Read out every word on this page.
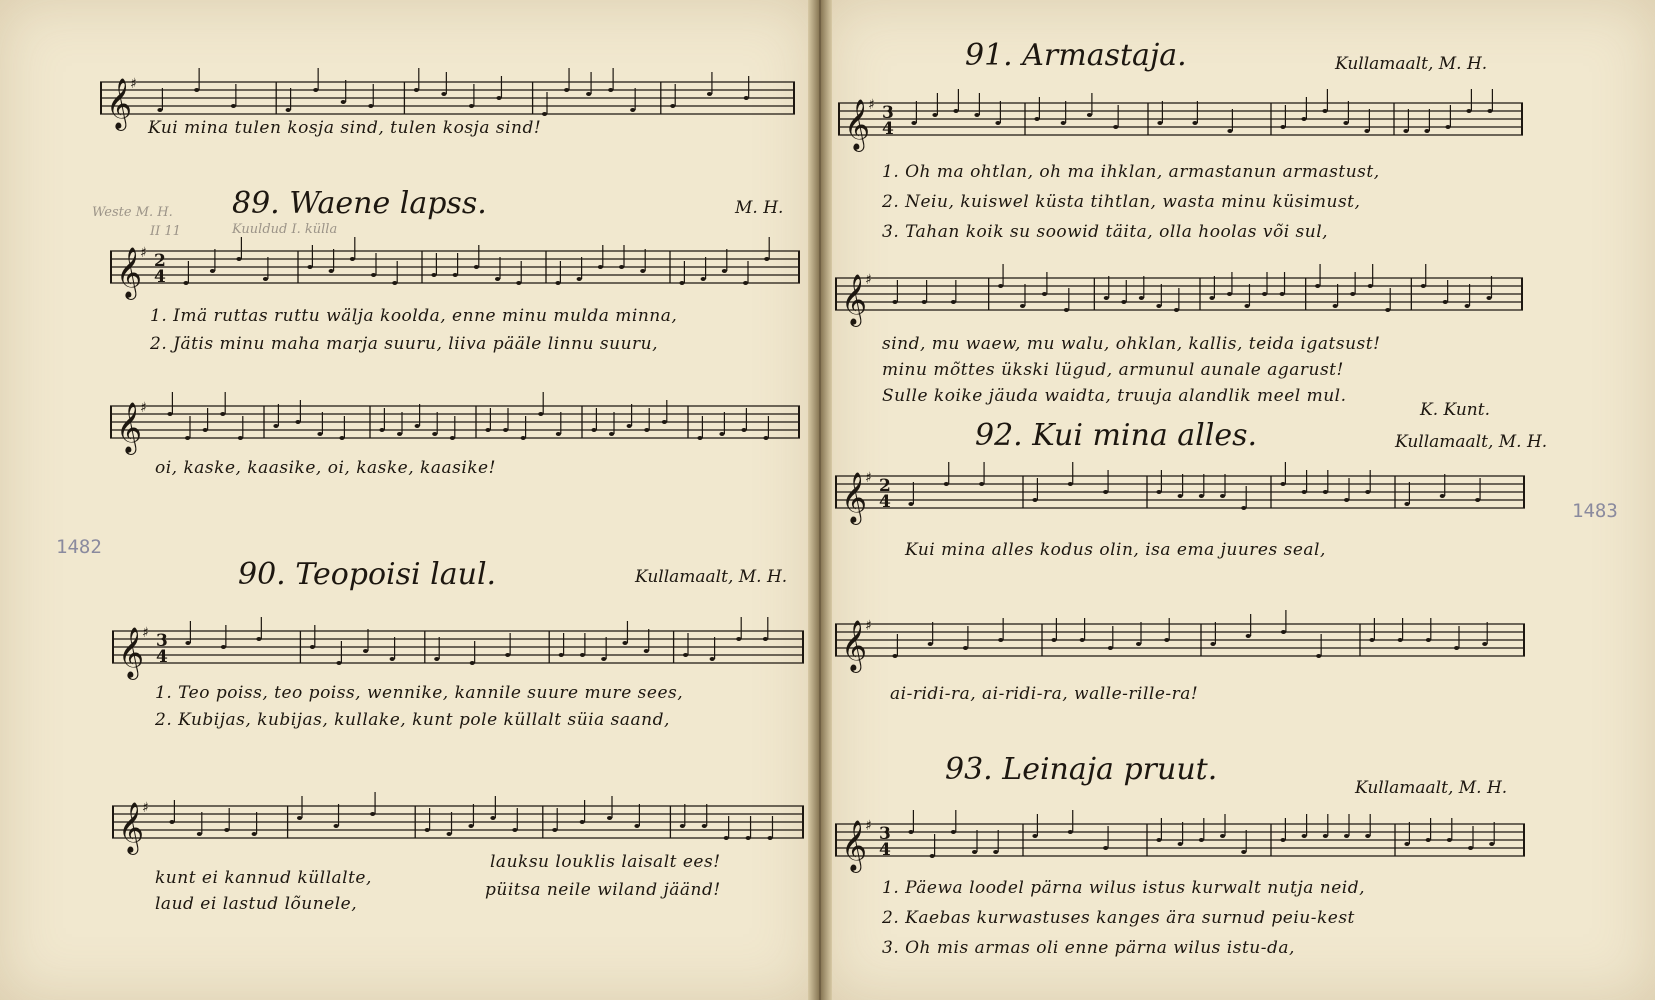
𝄞
♯
Kui mina tulen kosja sind, tulen kosja sind!
Weste M. H.
II 11	Kuuldud I. külla
89. Waene lapss.	M. H.
𝄞
♯ 2
4
1. Imä ruttas ruttu wälja koolda, enne minu mulda minna,
2. Jätis minu maha marja suuru, liiva pääle linnu suuru,
𝄞
♯
oi, kaske, kaasike, oi, kaske, kaasike!
1482
90. Teopoisi laul.	Kullamaalt, M. H.
𝄞
♯ 3
4
1. Teo poiss, teo poiss, wennike, kannile suure mure sees,
2. Kubijas, kubijas, kullake, kunt pole küllalt süia saand,
𝄞
♯
kunt ei kannud küllalte,
laud ei lastud lõunele,
lauksu louklis laisalt ees!
püitsa neile wiland jäänd!
91. Armastaja.	Kullamaalt, M. H.
𝄞
♯ 3
4
1. Oh ma ohtlan, oh ma ihklan, armastanun armastust,
2. Neiu, kuiswel küsta tihtlan, wasta minu küsimust,
3. Tahan koik su soowid täita, olla hoolas või sul,
𝄞
♯
sind, mu waew, mu walu, ohklan, kallis, teida igatsust!
minu mõttes ükski lügud, armunul aunale agarust!
Sulle koike jäuda waidta, truuja alandlik meel mul.
K. Kunt.
92. Kui mina alles.	Kullamaalt, M. H.
𝄞
♯ 2
4	1483
Kui mina alles kodus olin, isa ema juures seal,
𝄞
♯
ai-ridi-ra, ai-ridi-ra, walle-rille-ra!
93. Leinaja pruut.
Kullamaalt, M. H.
𝄞
♯ 3
4
1. Päewa loodel pärna wilus istus kurwalt nutja neid,
2. Kaebas kurwastuses kanges ära surnud peiu-kest
3. Oh mis armas oli enne pärna wilus istu-da,
